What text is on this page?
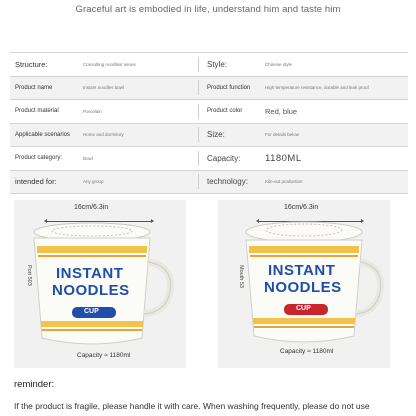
Graceful art is embodied in life, understand him and taste him
Structure:	Consulting noodles/ series	Style:	Chinese style
Product name	Instant noodles bowl	Product function	High temperature resistance, durable and leak proof
Product material	Porcelain	Product color	Red, blue
Applicable scenarios	Home and dormitory	Size:	For details below
Product category:	Bowl	Capacity:	1180ML
intended for:	Any group	technology:	Kiln-out production
16cm/6.3in
Port 503 INSTANT
NOODLES
CUP
Capacity ≈ 1180ml
16cm/6.3in
Mouth 53 INSTANT
NOODLES
CUP
Capacity ≈ 1180ml
reminder:
If the product is fragile, please handle it with care. When washing frequently, please do not use
